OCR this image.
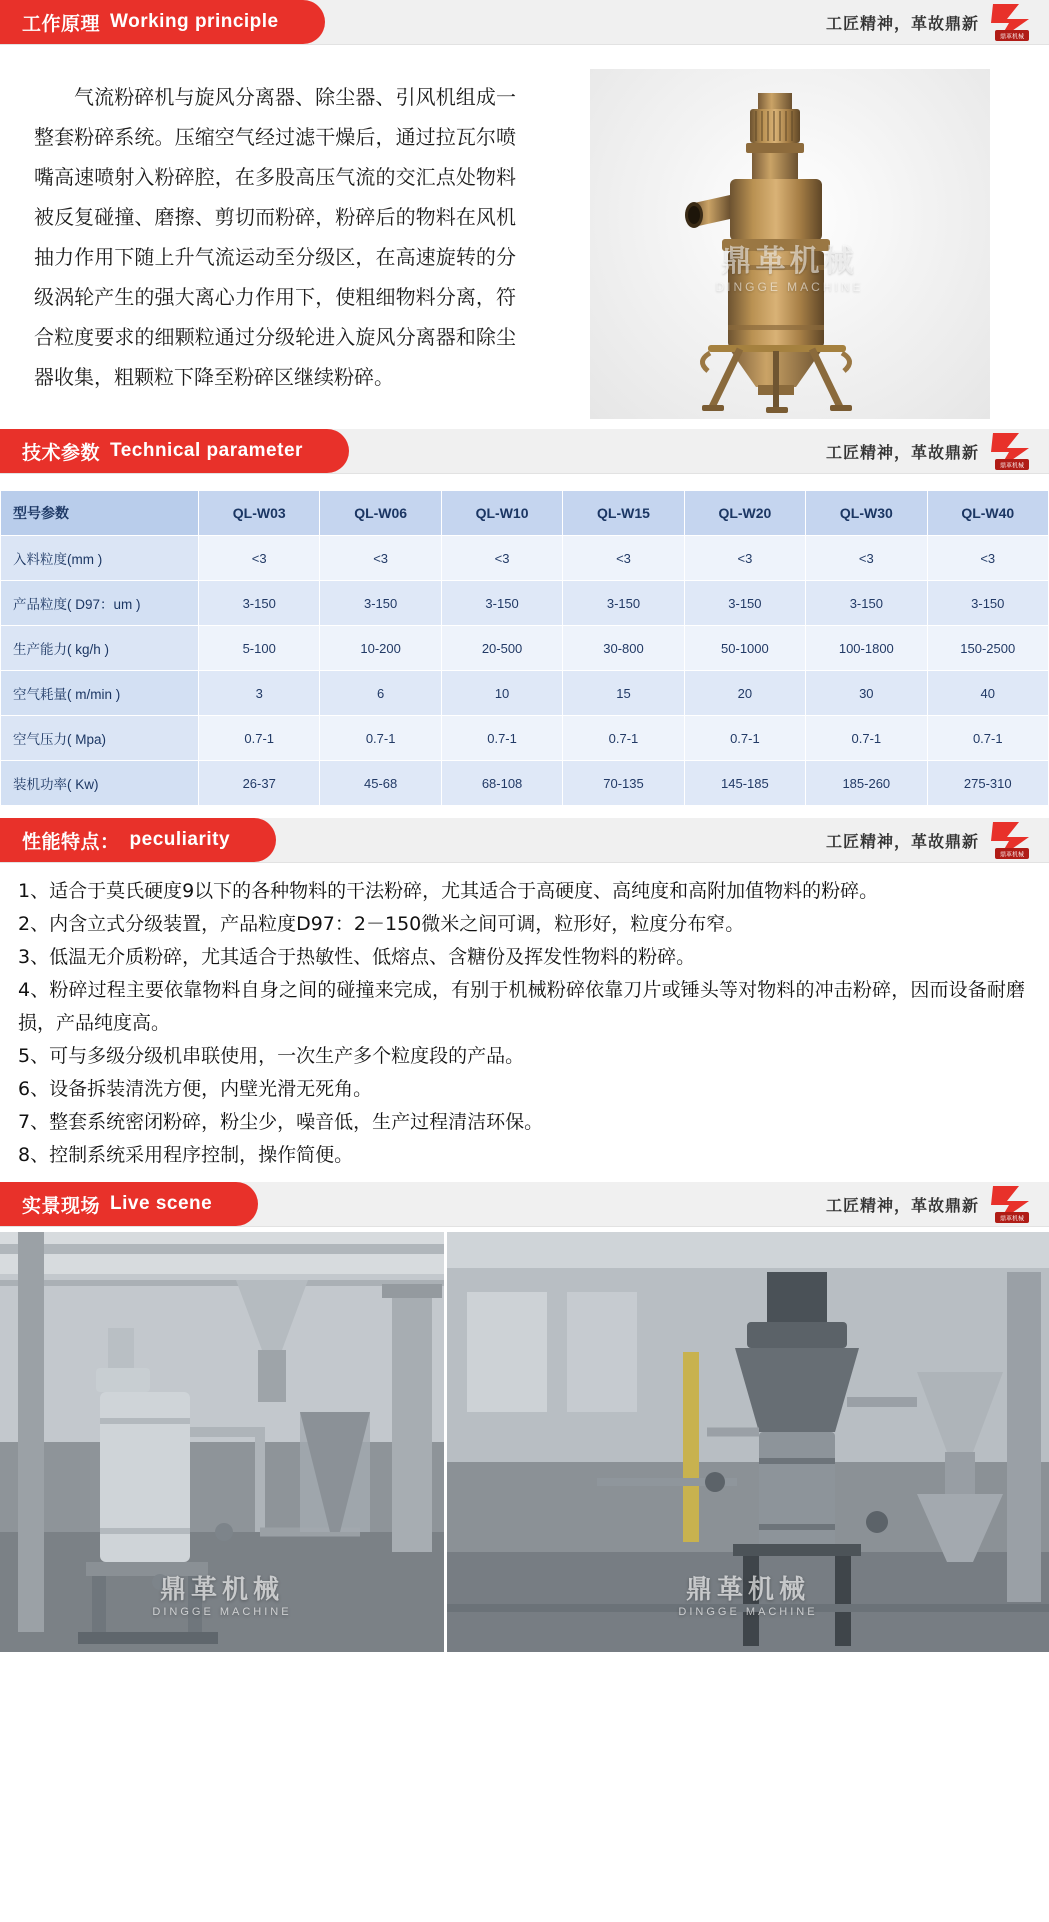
工作原理 Working principle	工匠精神，革故鼎新
鼎革机械

气流粉碎机与旋风分离器、除尘器、引风机组成一整套粉碎系统。压缩空气经过滤干燥后，通过拉瓦尔喷嘴高速喷射入粉碎腔，在多股高压气流的交汇点处物料被反复碰撞、磨擦、剪切而粉碎，粉碎后的物料在风机抽力作用下随上升气流运动至分级区，在高速旋转的分级涡轮产生的强大离心力作用下，使粗细物料分离，符合粒度要求的细颗粒通过分级轮进入旋风分离器和除尘器收集，粗颗粒下降至粉碎区继续粉碎。

鼎革机械
DINGGE MACHINE
技术参数 Technical parameter	工匠精神，革故鼎新
鼎革机械
型号参数	QL-W03	QL-W06	QL-W10	QL-W15	QL-W20	QL-W30	QL-W40
入料粒度(mm )	<3	<3	<3	<3	<3	<3	<3
产品粒度( D97：um )	3-150	3-150	3-150	3-150	3-150	3-150	3-150
生产能力( kg/h )	5-100	10-200	20-500	30-800	50-1000	100-1800	150-2500
空气耗量( m/min )	3	6	10	15	20	30	40
空气压力( Mpa)	0.7-1	0.7-1	0.7-1	0.7-1	0.7-1	0.7-1	0.7-1
装机功率( Kw)	26-37	45-68	68-108	70-135	145-185	185-260	275-310
性能特点： peculiarity	工匠精神，革故鼎新
鼎革机械

1、适合于莫氏硬度9以下的各种物料的干法粉碎，尤其适合于高硬度、高纯度和高附加值物料的粉碎。

2、内含立式分级装置，产品粒度D97：2－150微米之间可调，粒形好，粒度分布窄。

3、低温无介质粉碎，尤其适合于热敏性、低熔点、含糖份及挥发性物料的粉碎。

4、粉碎过程主要依靠物料自身之间的碰撞来完成，有别于机械粉碎依靠刀片或锤头等对物料的冲击粉碎，因而设备耐磨损，产品纯度高。

5、可与多级分级机串联使用，一次生产多个粒度段的产品。

6、设备拆装清洗方便，内壁光滑无死角。

7、整套系统密闭粉碎，粉尘少，噪音低，生产过程清洁环保。

8、控制系统采用程序控制，操作简便。

实景现场 Live scene	工匠精神，革故鼎新
鼎革机械
鼎革机械
DINGGE MACHINE
鼎革机械
DINGGE MACHINE
